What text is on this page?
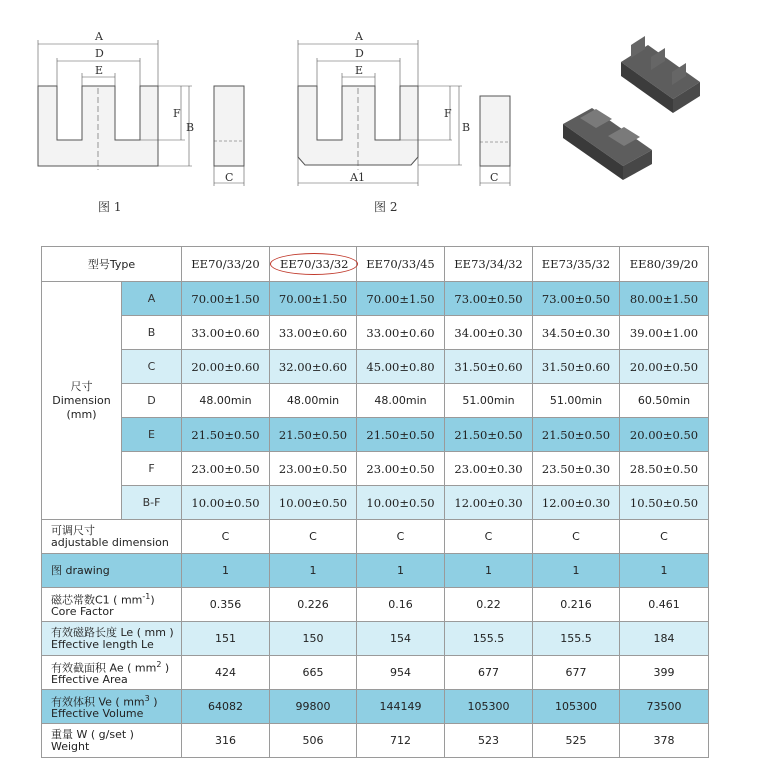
A
D
E
F
B
C
A
D
E
F
B
C
A1
图 1	图 2
型号Type		EE70/33/20	EE70/33/32	EE70/33/45	EE73/34/32	EE73/35/32	EE80/39/20
尺寸
Dimension
(mm)	A	70.00±1.50	70.00±1.50	70.00±1.50	73.00±0.50	73.00±0.50	80.00±1.50
	B	33.00±0.60	33.00±0.60	33.00±0.60	34.00±0.30	34.50±0.30	39.00±1.00
	C	20.00±0.60	32.00±0.60	45.00±0.80	31.50±0.60	31.50±0.60	20.00±0.50
	D	48.00min	48.00min	48.00min	51.00min	51.00min	60.50min
	E	21.50±0.50	21.50±0.50	21.50±0.50	21.50±0.50	21.50±0.50	20.00±0.50
	F	23.00±0.50	23.00±0.50	23.00±0.50	23.00±0.30	23.50±0.30	28.50±0.50
	B-F	10.00±0.50	10.00±0.50	10.00±0.50	12.00±0.30	12.00±0.30	10.50±0.50
可调尺寸
adjustable dimension		C	C	C	C	C	C
图 drawing		1	1	1	1	1	1
磁芯常数C1 ( $mm^{-1}$)
Core Factor		0.356	0.226	0.16	0.22	0.216	0.461
有效磁路长度 Le ( mm )
Effective length Le		151	150	154	155.5	155.5	184
有效截面积 Ae ( $mm^2$ )
Effective Area		424	665	954	677	677	399
有效体积 Ve ( $mm^3$ )
Effective Volume		64082	99800	144149	105300	105300	73500
重量 W ( g/set )
Weight		316	506	712	523	525	378
